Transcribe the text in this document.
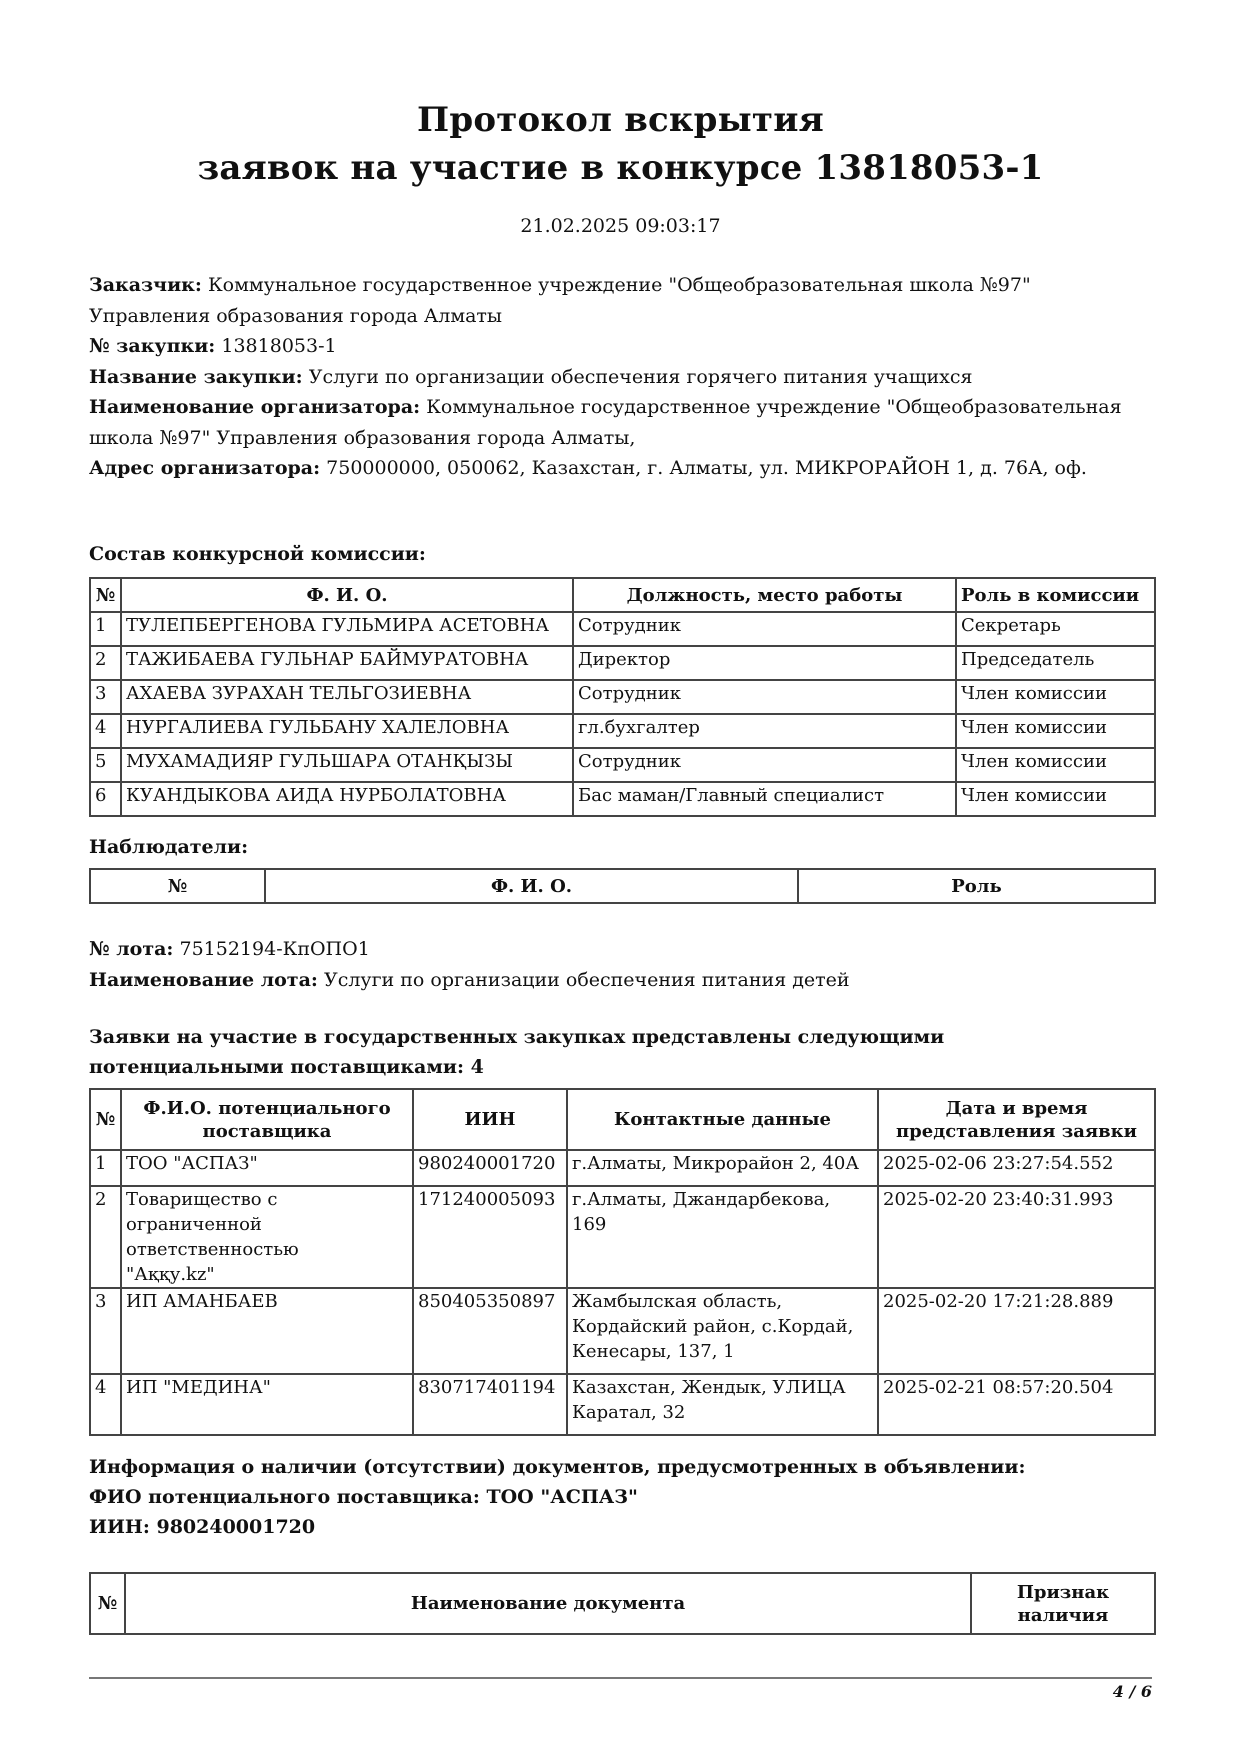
Протокол вскрытия
заявок на участие в конкурсе 13818053-1
21.02.2025 09:03:17
Заказчик: Коммунальное государственное учреждение "Общеобразовательная школа №97" Управления образования города Алматы
№ закупки: 13818053-1
Название закупки: Услуги по организации обеспечения горячего питания учащихся
Наименование организатора: Коммунальное государственное учреждение "Общеобразовательная школа №97" Управления образования города Алматы,
Адрес организатора: 750000000, 050062, Казахстан, г. Алматы, ул. МИКРОРАЙОН 1, д. 76А, оф.
Состав конкурсной комиссии:
№	Ф. И. О.	Должность, место работы	Роль в комиссии
1	ТУЛЕПБЕРГЕНОВА ГУЛЬМИРА АСЕТОВНА	Сотрудник	Секретарь
2	ТАЖИБАЕВА ГУЛЬНАР БАЙМУРАТОВНА	Директор	Председатель
3	АХАЕВА ЗУРАХАН ТЕЛЬГОЗИЕВНА	Сотрудник	Член комиссии
4	НУРГАЛИЕВА ГУЛЬБАНУ ХАЛЕЛОВНА	гл.бухгалтер	Член комиссии
5	МУХАМАДИЯР ГУЛЬШАРА ОТАНҚЫЗЫ	Сотрудник	Член комиссии
6	КУАНДЫКОВА АИДА НУРБОЛАТОВНА	Бас маман/Главный специалист	Член комиссии
Наблюдатели:
№	Ф. И. О.	Роль
№ лота: 75152194-КпОПО1
Наименование лота: Услуги по организации обеспечения питания детей
Заявки на участие в государственных закупках представлены следующими потенциальными поставщиками: 4
№	Ф.И.О. потенциального поставщика	ИИН	Контактные данные	Дата и время представления заявки
1	ТОО "АСПАЗ"	980240001720	г.Алматы, Микрорайон 2, 40А	2025-02-06 23:27:54.552
2	Товарищество с ограниченной ответственностью "Аққу.kz"	171240005093	г.Алматы, Джандарбекова, 169	2025-02-20 23:40:31.993
3	ИП АМАНБАЕВ	850405350897	Жамбылская область, Кордайский район, с.Кордай, Кенесары, 137, 1	2025-02-20 17:21:28.889
4	ИП "МЕДИНА"	830717401194	Казахстан, Жендык, УЛИЦА Каратал, 32	2025-02-21 08:57:20.504
Информация о наличии (отсутствии) документов, предусмотренных в объявлении:
ФИО потенциального поставщика: ТОО "АСПАЗ"
ИИН: 980240001720
№	Наименование документа	Признак наличия
4 / 6
